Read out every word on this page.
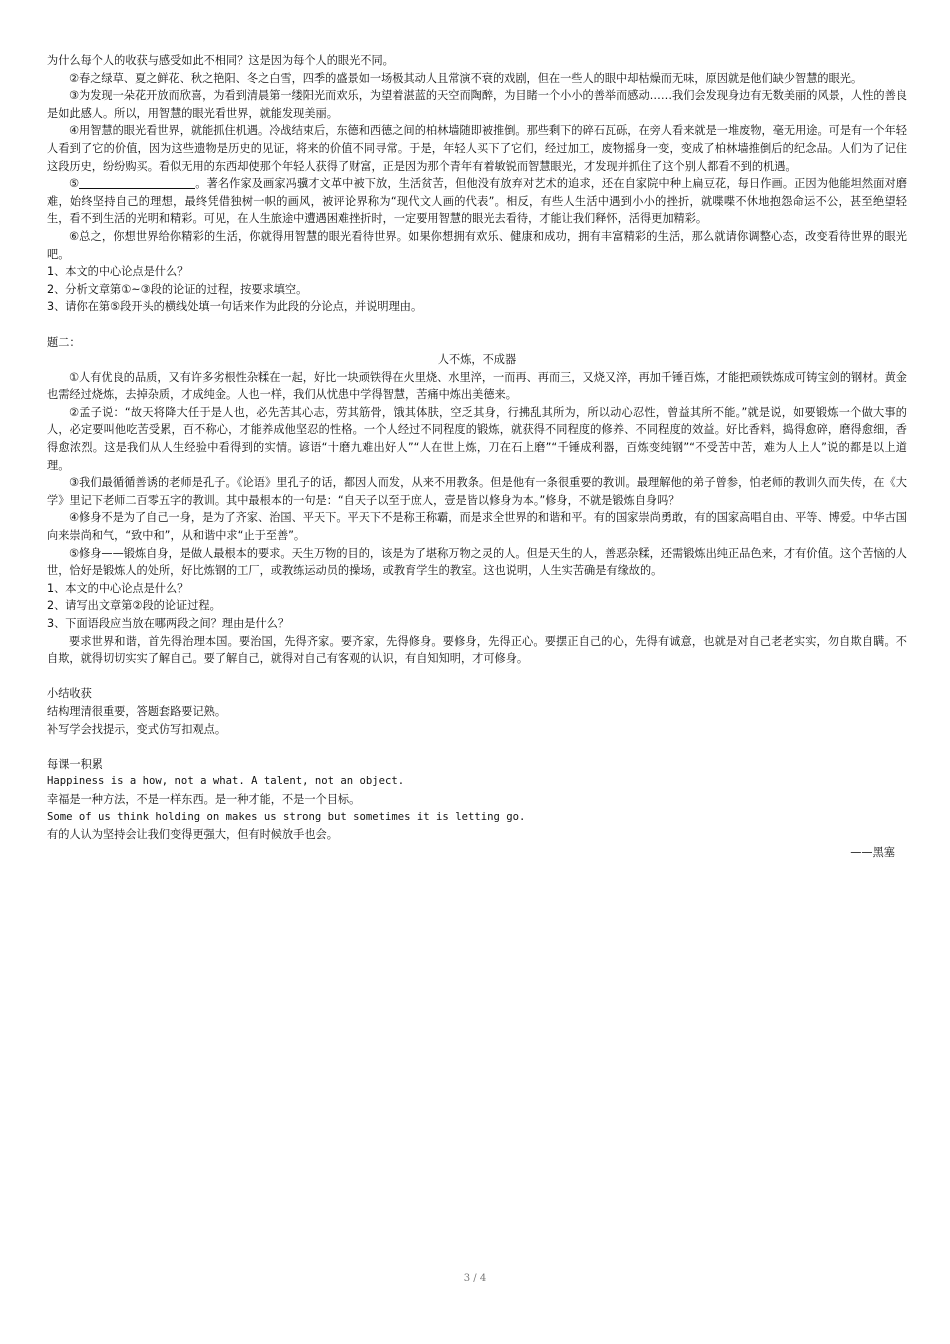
为什么每个人的收获与感受如此不相同？这是因为每个人的眼光不同。

②春之绿草、夏之鲜花、秋之艳阳、冬之白雪，四季的盛景如一场极其动人且常演不衰的戏剧，但在一些人的眼中却枯燥而无味，原因就是他们缺少智慧的眼光。

③为发现一朵花开放而欣喜，为看到清晨第一缕阳光而欢乐，为望着湛蓝的天空而陶醉，为目睹一个小小的善举而感动……我们会发现身边有无数美丽的风景，人性的善良是如此感人。所以，用智慧的眼光看世界，就能发现美丽。

④用智慧的眼光看世界，就能抓住机遇。冷战结束后，东德和西德之间的柏林墙随即被推倒。那些剩下的碎石瓦砾，在旁人看来就是一堆废物，毫无用途。可是有一个年轻人看到了它的价值，因为这些遗物是历史的见证，将来的价值不同寻常。于是，年轻人买下了它们，经过加工，废物摇身一变，变成了柏林墙推倒后的纪念品。人们为了记住这段历史，纷纷购买。看似无用的东西却使那个年轻人获得了财富，正是因为那个青年有着敏锐而智慧眼光，才发现并抓住了这个别人都看不到的机遇。

⑤	。著名作家及画家冯骥才文革中被下放，生活贫苦，但他没有放弃对艺术的追求，还在自家院中种上扁豆花，每日作画。正因为他能坦然面对磨难，始终坚持自己的理想，最终凭借独树一帜的画风，被评论界称为“现代文人画的代表”。相反，有些人生活中遇到小小的挫折，就喋喋不休地抱怨命运不公，甚至绝望轻生，看不到生活的光明和精彩。可见，在人生旅途中遭遇困难挫折时，一定要用智慧的眼光去看待，才能让我们释怀，活得更加精彩。

⑥总之，你想世界给你精彩的生活，你就得用智慧的眼光看待世界。如果你想拥有欢乐、健康和成功，拥有丰富精彩的生活，那么就请你调整心态，改变看待世界的眼光吧。

1、本文的中心论点是什么？

2、分析文章第①~③段的论证的过程，按要求填空。

3、请你在第⑤段开头的横线处填一句话来作为此段的分论点，并说明理由。

题二：

人不炼，不成器

①人有优良的品质，又有许多劣根性杂糅在一起，好比一块顽铁得在火里烧、水里淬，一而再、再而三，又烧又淬，再加千锤百炼，才能把顽铁炼成可铸宝剑的钢材。黄金也需经过烧炼，去掉杂质，才成纯金。人也一样，我们从忧患中学得智慧，苦痛中炼出美德来。

②孟子说：“故天将降大任于是人也，必先苦其心志，劳其筋骨，饿其体肤，空乏其身，行拂乱其所为，所以动心忍性，曾益其所不能。”就是说，如要锻炼一个做大事的人，必定要叫他吃苦受累，百不称心，才能养成他坚忍的性格。一个人经过不同程度的锻炼，就获得不同程度的修养、不同程度的效益。好比香料，捣得愈碎，磨得愈细，香得愈浓烈。这是我们从人生经验中看得到的实情。谚语“十磨九难出好人”“人在世上炼，刀在石上磨”“千锤成利器，百炼变纯钢”“不受苦中苦，难为人上人”说的都是以上道理。

③我们最循循善诱的老师是孔子。《论语》里孔子的话，都因人而发，从来不用教条。但是他有一条很重要的教训。最理解他的弟子曾参，怕老师的教训久而失传，在《大学》里记下老师二百零五字的教训。其中最根本的一句是：“自天子以至于庶人，壹是皆以修身为本。”修身，不就是锻炼自身吗？

④修身不是为了自己一身，是为了齐家、治国、平天下。平天下不是称王称霸，而是求全世界的和谐和平。有的国家崇尚勇敢，有的国家高唱自由、平等、博爱。中华古国向来崇尚和气，“致中和”，从和谐中求“止于至善”。

⑤修身——锻炼自身，是做人最根本的要求。天生万物的目的，该是为了堪称万物之灵的人。但是天生的人，善恶杂糅，还需锻炼出纯正品色来，才有价值。这个苦恼的人世，恰好是锻炼人的处所，好比炼钢的工厂，或教练运动员的操场，或教育学生的教室。这也说明，人生实苦确是有缘故的。

1、本文的中心论点是什么？

2、请写出文章第②段的论证过程。

3、下面语段应当放在哪两段之间？理由是什么？

要求世界和谐，首先得治理本国。要治国，先得齐家。要齐家，先得修身。要修身，先得正心。要摆正自己的心，先得有诚意，也就是对自己老老实实，勿自欺自瞒。不自欺，就得切切实实了解自己。要了解自己，就得对自己有客观的认识，有自知知明，才可修身。

小结收获

结构理清很重要，答题套路要记熟。

补写学会找提示，变式仿写扣观点。

每课一积累

Happiness is a how, not a what. A talent, not an object.

幸福是一种方法，不是一样东西。是一种才能，不是一个目标。

Some of us think holding on makes us strong but sometimes it is letting go.

有的人认为坚持会让我们变得更强大，但有时候放手也会。

——黑塞

3 / 4
